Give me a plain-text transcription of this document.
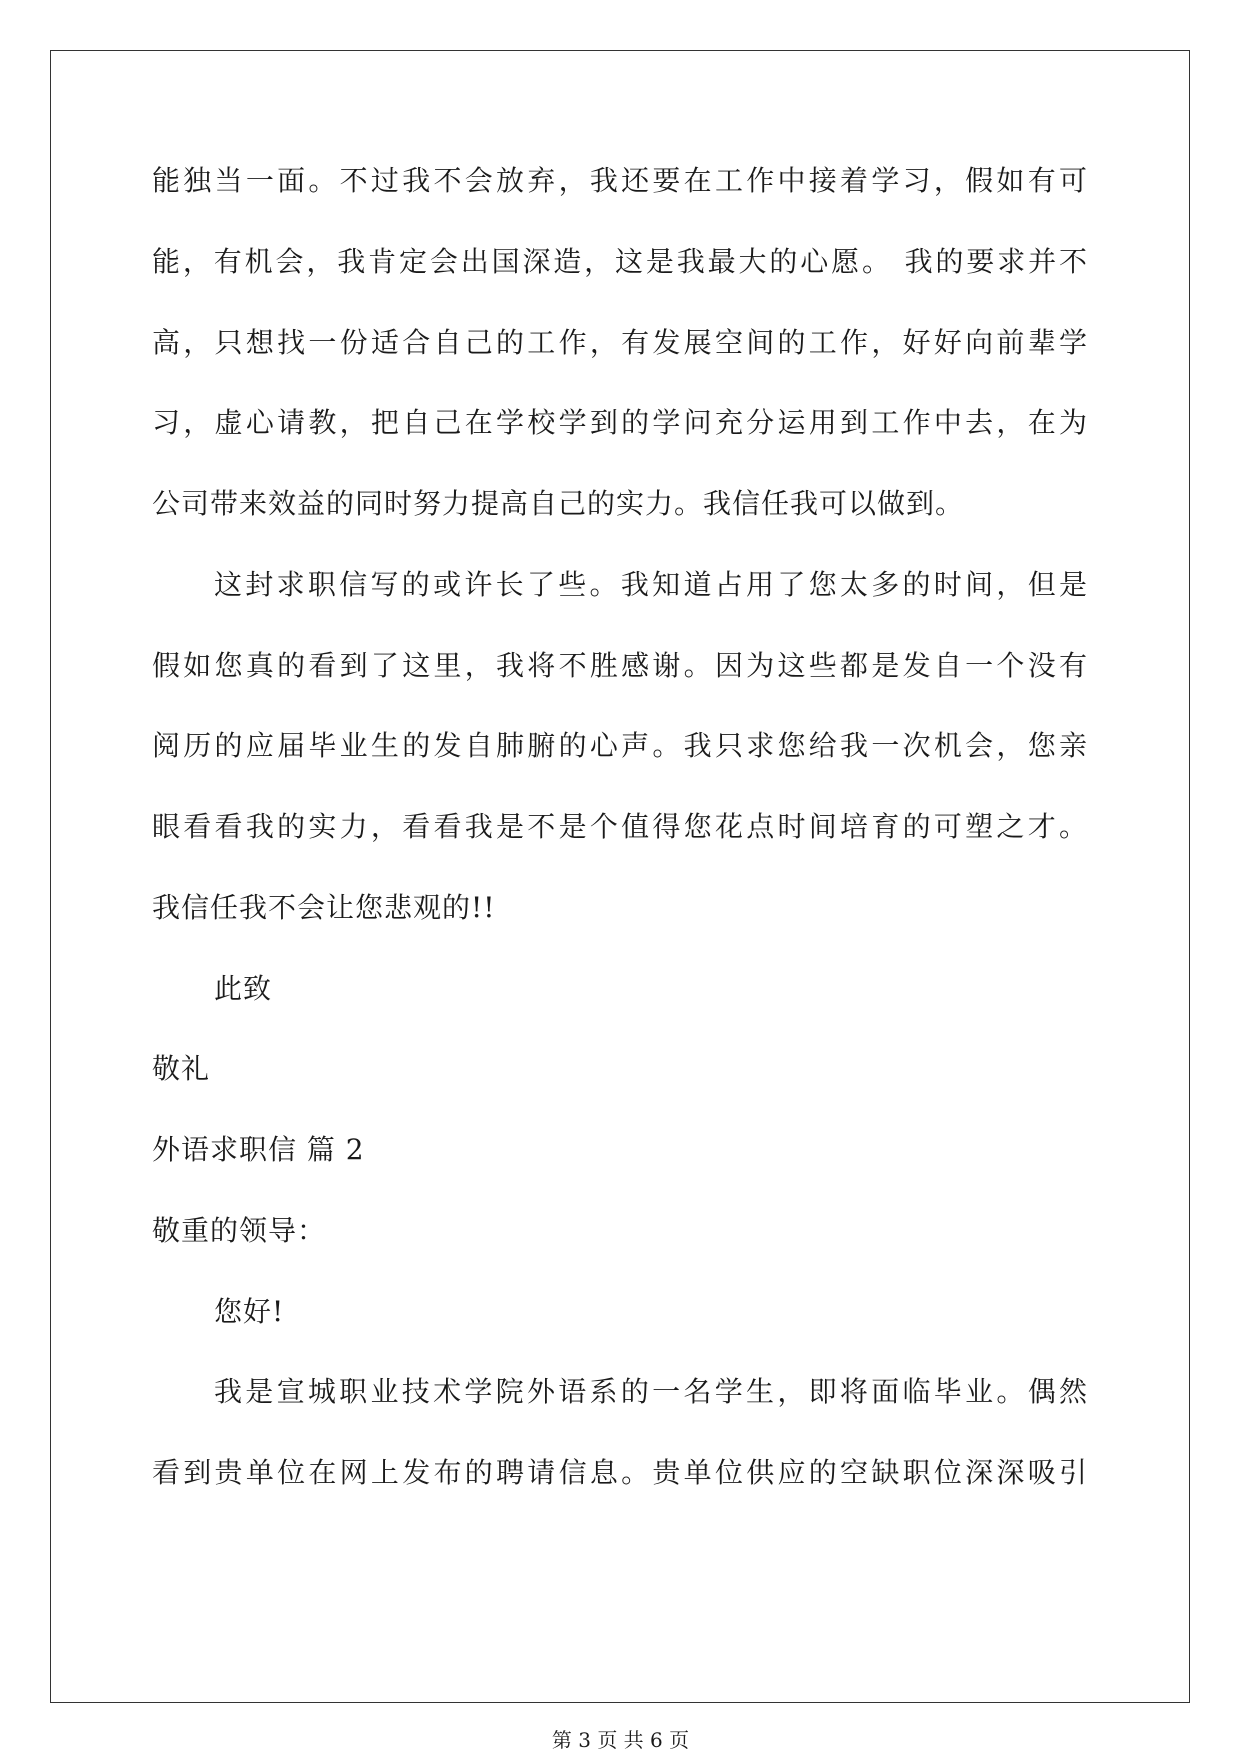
能独当一面。不过我不会放弃，我还要在工作中接着学习，假如有可
能，有机会，我肯定会出国深造，这是我最大的心愿。 我的要求并不
高，只想找一份适合自己的工作，有发展空间的工作，好好向前辈学
习，虚心请教，把自己在学校学到的学问充分运用到工作中去，在为
公司带来效益的同时努力提高自己的实力。我信任我可以做到。
这封求职信写的或许长了些。我知道占用了您太多的时间，但是
假如您真的看到了这里，我将不胜感谢。因为这些都是发自一个没有
阅历的应届毕业生的发自肺腑的心声。我只求您给我一次机会，您亲
眼看看我的实力，看看我是不是个值得您花点时间培育的可塑之才。
我信任我不会让您悲观的!!
此致
敬礼
外语求职信 篇 2
敬重的领导：
您好!
我是宣城职业技术学院外语系的一名学生，即将面临毕业。偶然
看到贵单位在网上发布的聘请信息。贵单位供应的空缺职位深深吸引
第 3 页 共 6 页
